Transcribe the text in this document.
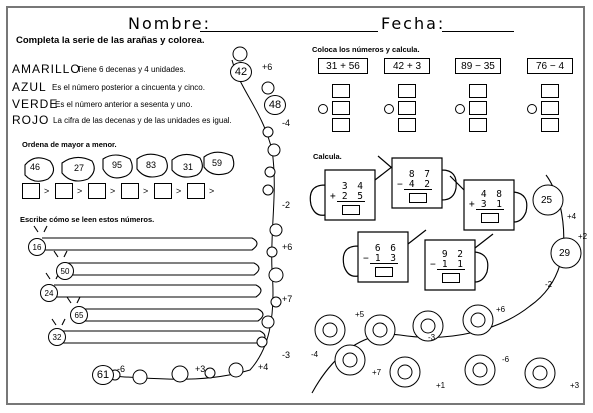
Nombre:	Fecha:
Completa la serie de las arañas y colorea.
AMARILLO
Tiene 6 decenas y 4 unidades.
AZUL Es el número posterior a cincuenta y cinco.
VERDE
Es el número anterior a sesenta y uno.
ROJO La cifra de las decenas y de las unidades es igual.
Ordena de mayor a menor.
46	27	95	83	31 59
>	>	>	>	>	>
Escribe cómo se leen estos números.
16
50
24
65
32
42	+6
48
-4
-2
+6
+7
-3
+4
+3
61 -6
Coloca los números y calcula.
31 + 56	42 + 3	89 − 35	76 − 4
Calcula.
3 4
+ 2 5
8 7
− 4 2
4 8
+ 3 1
6 6
− 1 3	9 2
− 1 1
25
29
+4
+2
-2
+6
+5
-3
-4
+7
-6
+1	+3
